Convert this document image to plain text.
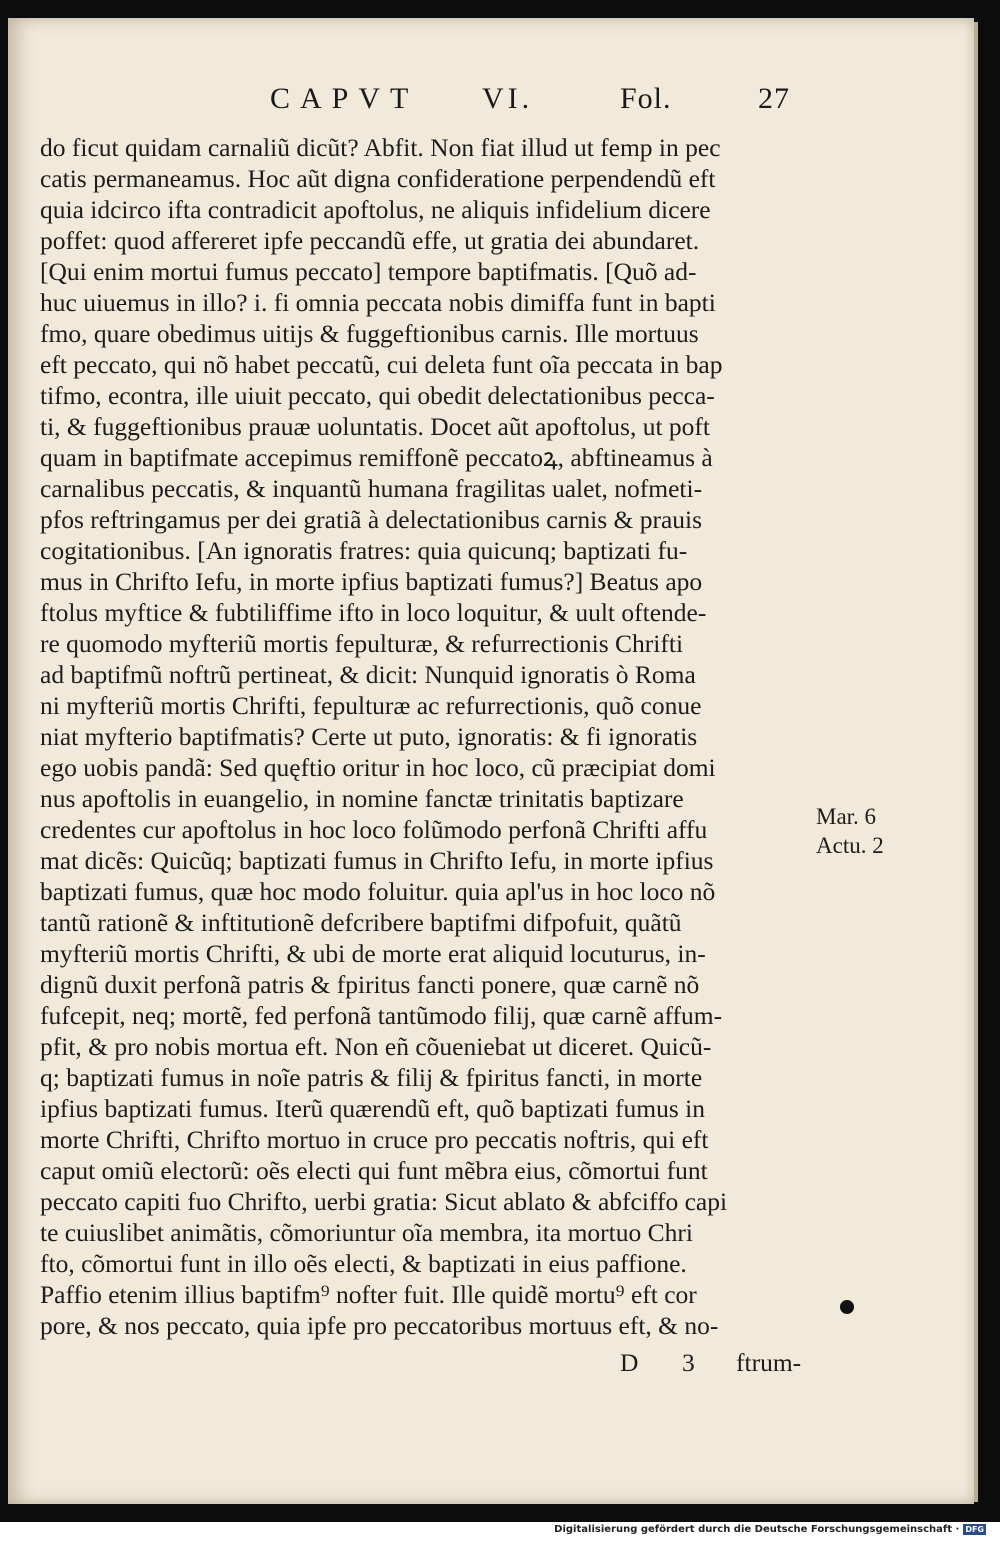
CAPVT VI.	Fol.	27
do ficut quidam carnaliũ dicũt? Abfit. Non fiat illud ut femp in pec
catis permaneamus. Hoc aũt digna confideratione perpendendũ eft
quia idcirco ifta contradicit apoftolus, ne aliquis infidelium dicere
poffet: quod affereret ipfe peccandũ effe, ut gratia dei abundaret.
[Qui enim mortui fumus peccato] tempore baptifmatis. [Quõ ad-
huc uiuemus in illo? i. fi omnia peccata nobis dimiffa funt in bapti
fmo, quare obedimus uitijs & fuggeftionibus carnis. Ille mortuus
eft peccato, qui nõ habet peccatũ, cui deleta funt oĩa peccata in bap
tifmo, econtra, ille uiuit peccato, qui obedit delectationibus pecca-
ti, & fuggeftionibus prauæ uoluntatis. Docet aũt apoftolus, ut poft
quam in baptifmate accepimus remiffonẽ peccatoꝝ, abftineamus à
carnalibus peccatis, & inquantũ humana fragilitas ualet, nofmeti-
pfos reftringamus per dei gratiã à delectationibus carnis & prauis
cogitationibus. [An ignoratis fratres: quia quicunq; baptizati fu-
mus in Chrifto Iefu, in morte ipfius baptizati fumus?] Beatus apo
ftolus myftice & fubtiliffime ifto in loco loquitur, & uult oftende-
re quomodo myfteriũ mortis fepulturæ, & refurrectionis Chrifti
ad baptifmũ noftrũ pertineat, & dicit: Nunquid ignoratis ò Roma
ni myfteriũ mortis Chrifti, fepulturæ ac refurrectionis, quõ conue
niat myfterio baptifmatis? Certe ut puto, ignoratis: & fi ignoratis
ego uobis pandã: Sed quęftio oritur in hoc loco, cũ præcipiat domi
nus apoftolis in euangelio, in nomine fanctæ trinitatis baptizare
credentes cur apoftolus in hoc loco folũmodo perfonã Chrifti affu
mat dicẽs: Quicũq; baptizati fumus in Chrifto Iefu, in morte ipfius
baptizati fumus, quæ hoc modo foluitur. quia apl'us in hoc loco nõ
tantũ rationẽ & inftitutionẽ defcribere baptifmi difpofuit, quãtũ
myfteriũ mortis Chrifti, & ubi de morte erat aliquid locuturus, in-
dignũ duxit perfonã patris & fpiritus fancti ponere, quæ carnẽ nõ
fufcepit, neq; mortẽ, fed perfonã tantũmodo filij, quæ carnẽ affum-
pfit, & pro nobis mortua eft. Non eñ cõueniebat ut diceret. Quicũ-
q; baptizati fumus in noĩe patris & filij & fpiritus fancti, in morte
ipfius baptizati fumus. Iterũ quærendũ eft, quõ baptizati fumus in
morte Chrifti, Chrifto mortuo in cruce pro peccatis noftris, qui eft
caput omiũ electorũ: oẽs electi qui funt mẽbra eius, cõmortui funt
peccato capiti fuo Chrifto, uerbi gratia: Sicut ablato & abfciffo capi
te cuiuslibet animãtis, cõmoriuntur oĩa membra, ita mortuo Chri
fto, cõmortui funt in illo oẽs electi, & baptizati in eius paffione.
Paffio etenim illius baptifm⁹ nofter fuit. Ille quidẽ mortu⁹ eft cor
pore, & nos peccato, quia ipfe pro peccatoribus mortuus eft, & no-
Mar. 6
Actu. 2
D 3 ftrum-
Digitalisierung gefördert durch die Deutsche Forschungsgemeinschaft · DFG
